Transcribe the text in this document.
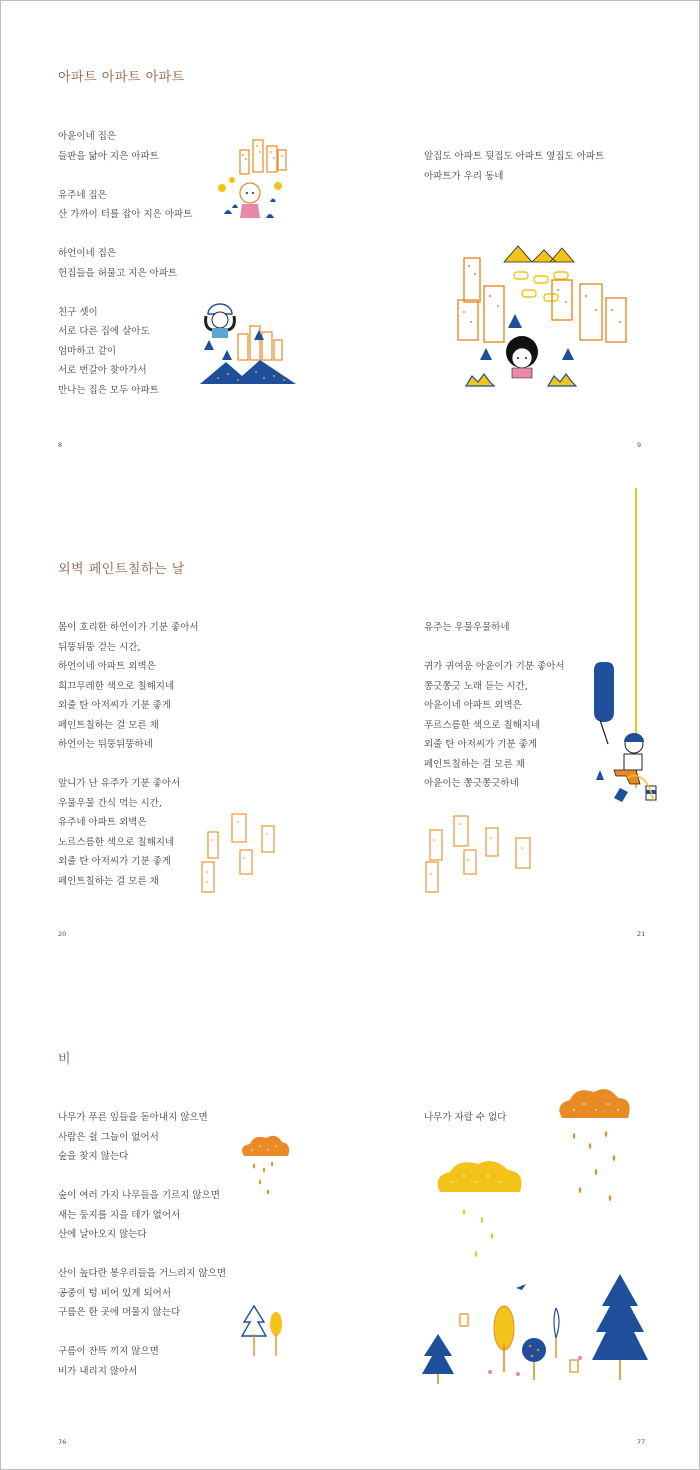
아파트 아파트 아파트
아윤이네 집은
들판을 닮아 지은 아파트
유주네 집은
산 가까이 터를 잡아 지은 아파트
하언이네 집은
헌집들을 허물고 지은 아파트
친구 셋이
서로 다른 집에 살아도
엄마하고 같이
서로 번갈아 찾아가서
만나는 집은 모두 아파트
앞집도 아파트 뒷집도 아파트 옆집도 아파트
아파트가 우리 동네
8	9
외벽 페인트칠하는 날
몸이 호리한 하언이가 기분 좋아서
뒤뚱뒤뚱 걷는 시간,
하언이네 아파트 외벽은
희끄무레한 색으로 칠해지네
외줄 탄 아저씨가 기분 좋게
페인트칠하는 걸 모른 채
하언이는 뒤뚱뒤뚱하네
앞니가 난 유주가 기분 좋아서
우물우물 간식 먹는 시간,
유주네 아파트 외벽은
노르스름한 색으로 칠해지네
외줄 탄 아저씨가 기분 좋게
페인트칠하는 걸 모른 채
유주는 우물우물하네
귀가 귀여운 아윤이가 기분 좋아서
쫑긋쫑긋 노래 듣는 시간,
아윤이네 아파트 외벽은
푸르스름한 색으로 칠해지네
외줄 탄 아저씨가 기분 좋게
페인트칠하는 걸 모른 채
아윤이는 쫑긋쫑긋하네
20	21
비
나무가 푸른 잎들을 돋아내지 않으면
사람은 쉴 그늘이 없어서
숲을 찾지 않는다
숲이 여러 가지 나무들을 기르지 않으면
새는 둥지를 지을 데가 없어서
산에 날아오지 않는다
산이 높다란 봉우리들을 거느리지 않으면
공중이 텅 비어 있게 되어서
구름은 한 곳에 머물지 않는다
구름이 잔뜩 끼지 않으면
비가 내리지 않아서
나무가 자랄 수 없다
76	77
